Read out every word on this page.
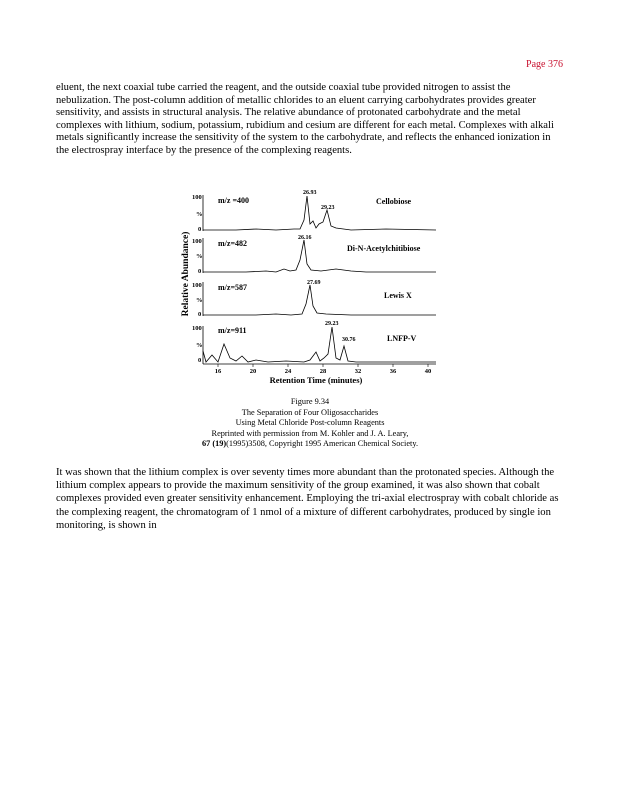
Page 376
eluent, the next coaxial tube carried the reagent, and the outside coaxial tube provided nitrogen to assist the nebulization. The post-column addition of metallic chlorides to an eluent carrying carbohydrates provides greater sensitivity, and assists in structural analysis. The relative abundance of protonated carbohydrate and the metal complexes with lithium, sodium, potassium, rubidium and cesium are different for each metal. Complexes with alkali metals significantly increase the sensitivity of the system to the carbohydrate, and reflects the enhanced ionization in the electrospray interface by the presence of the complexing reagents.
Relative Abundance)
100
%
0
m/z =400	Cellobiose
26.93
29.23
100
%
0
m/z=482
Di-N-Acetylchitibiose
26.16
100
%
0
m/z=587
Lewis X
27.69
100
%
0
m/z=911
LNFP-V
29.23
30.76
16	20	24	28	32	36	40
Retention Time (minutes)
Figure 9.34
The Separation of Four Oligosaccharides
Using Metal Chloride Post-column Reagents
Reprinted with permission from M. Kohler and J. A. Leary,
67 (19)(1995)3508, Copyright 1995 American Chemical Society.
It was shown that the lithium complex is over seventy times more abundant than the protonated species. Although the lithium complex appears to provide the maximum sensitivity of the group examined, it was also shown that cobalt complexes provided even greater sensitivity enhancement. Employing the tri-axial electrospray with cobalt chloride as the complexing reagent, the chromatogram of 1 nmol of a mixture of different carbohydrates, produced by single ion monitoring, is shown in
